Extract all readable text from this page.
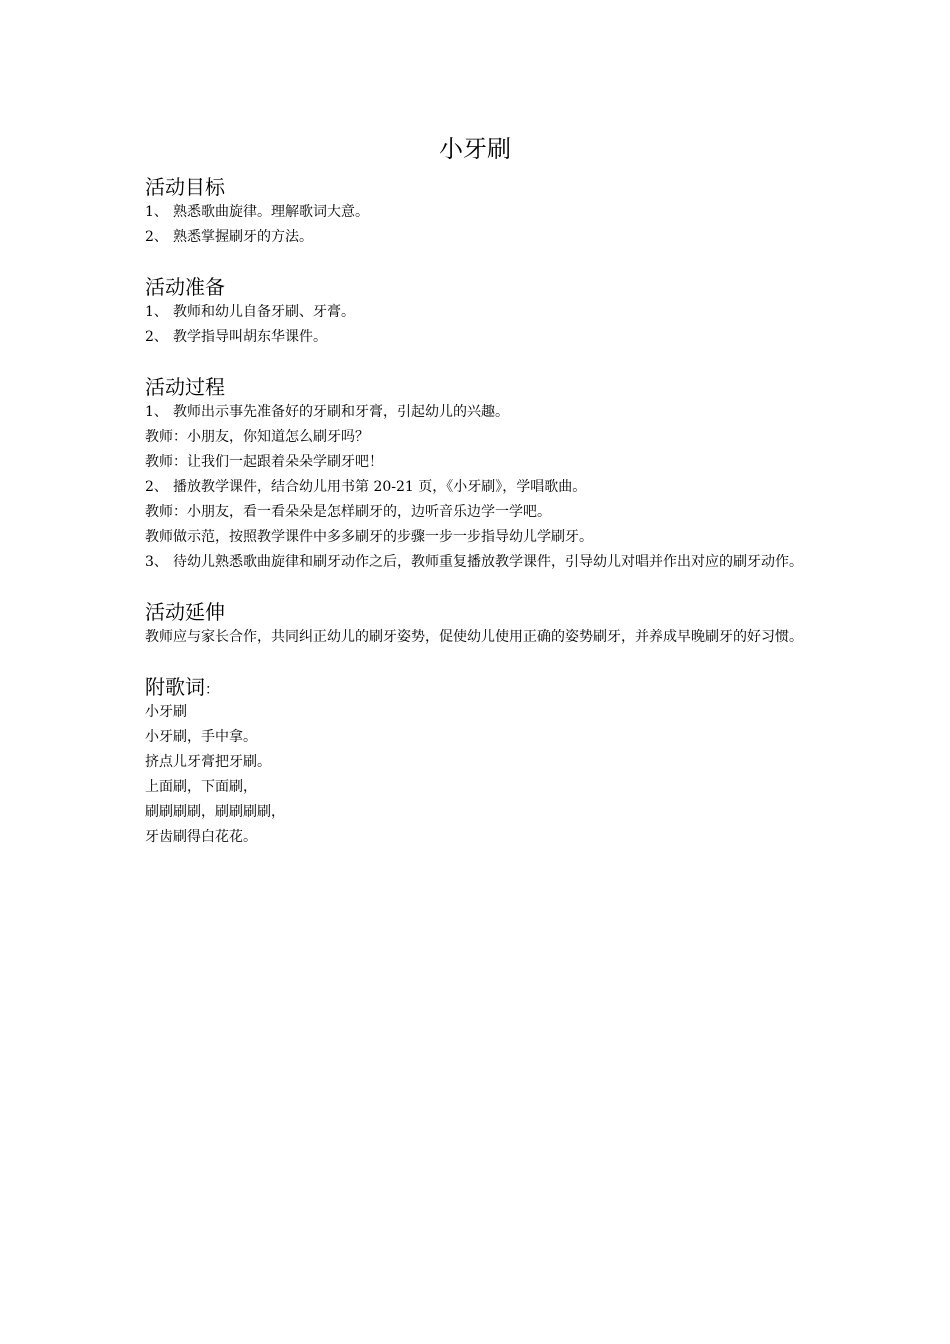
小牙刷
活动目标

1、 熟悉歌曲旋律。理解歌词大意。

2、 熟悉掌握刷牙的方法。

活动准备

1、 教师和幼儿自备牙刷、牙膏。

2、 教学指导叫胡东华课件。

活动过程

1、 教师出示事先准备好的牙刷和牙膏，引起幼儿的兴趣。

教师：小朋友，你知道怎么刷牙吗？

教师：让我们一起跟着朵朵学刷牙吧！

2、 播放教学课件，结合幼儿用书第 20-21 页，《小牙刷》，学唱歌曲。

教师：小朋友，看一看朵朵是怎样刷牙的，边听音乐边学一学吧。

教师做示范，按照教学课件中多多刷牙的步骤一步一步指导幼儿学刷牙。

3、 待幼儿熟悉歌曲旋律和刷牙动作之后，教师重复播放教学课件，引导幼儿对唱并作出对应的刷牙动作。

活动延伸

教师应与家长合作，共同纠正幼儿的刷牙姿势，促使幼儿使用正确的姿势刷牙，并养成早晚刷牙的好习惯。

附歌词：

小牙刷

小牙刷，手中拿。

挤点儿牙膏把牙刷。

上面刷，下面刷，

刷刷刷刷，刷刷刷刷，

牙齿刷得白花花。
